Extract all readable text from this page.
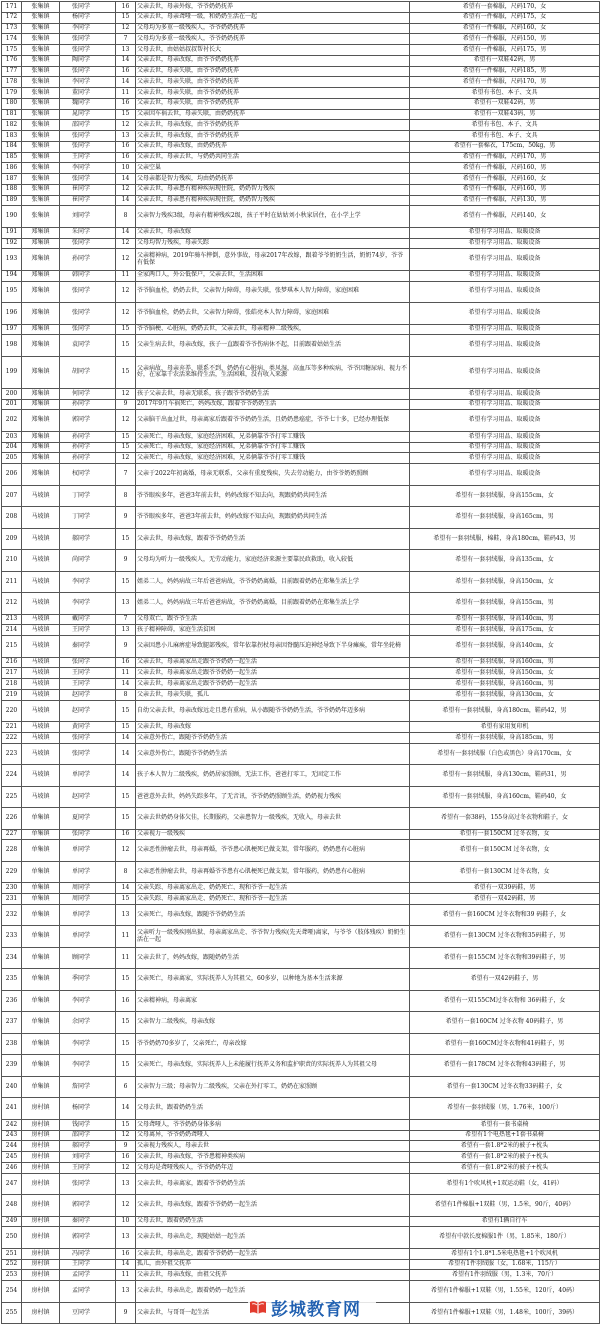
171	张集镇	张同学	16	父亲去世，母亲外嫁，爷爷奶奶抚养	希望有一套棉服，尺码170，女
172	张集镇	杨同学	15	父亲去世，母亲聋哑一级，和奶奶生活在一起	希望有一件棉服，尺码175，女
173	张集镇	李同学	12	父母均为多重一级残疾人，爷爷奶奶抚养	希望有一件棉服，尺码160，女
174	张集镇	张同学	7	父母均为多重一级残疾人，爷爷奶奶抚养	希望有一件棉服，尺码150，男
175	张集镇	张同学	13	父母去世，由姑姑叔叔帮衬长大	希望有一件棉服，尺码175，男
176	张集镇	陶同学	14	父亲去世，母亲改嫁，由爷爷奶奶抚养	希望有一双鞋42码，男
177	张集镇	张同学	16	父亲去世，母亲失联，由爷爷奶奶抚养	希望有一件棉服，尺码185，男
178	张集镇	李同学	14	父亲去世，母亲失联，由爷爷奶奶抚养	希望有一件棉服，尺码170，男
179	张集镇	董同学	11	父亲去世，母亲失联，由爷爷奶奶抚养	希望有书包、本子、文具
180	张集镇	魏同学	16	父亲去世，母亲失联，由爷爷奶奶抚养	希望有一双鞋42码，男
181	张集镇	晁同学	15	父亲因车祸去世，母亲失联，由奶奶抚养	希望有一双鞋43码，男
182	张集镇	邵同学	12	父亲去世，母亲改嫁，由爷爷奶奶抚养	希望有书包、本子、文具
183	张集镇	张同学	13	父亲去世，母亲改嫁，由爷爷奶奶抚养	希望有书包、本子、文具
184	张集镇	张同学	16	父亲去世，母亲改嫁，由奶奶抚养	希望有一套棉衣，175cm，50kg，男
185	张集镇	王同学	16	父亲去世，母亲去世，与奶奶共同生活	希望有一件棉服，尺码170，男
186	张集镇	李同学	10	父亲空巢	希望有一件棉服，尺码160，男
187	张集镇	张同学	14	父母亲都是智力残疾，均由奶奶抚养	希望有一件棉服，尺码160，女
188	张集镇	崔同学	12	父亲去世，母亲患有精神疾病现住院，奶奶智力残疾	希望有一件棉服，尺码160，男
189	张集镇	崔同学	14	父亲去世，母亲患有精神疾病现住院，奶奶智力残疾	希望有一件棉服，尺码130，男
190	张集镇	刘同学	8	父亲智力残疾3级，母亲有精神残疾2级，孩子平时在姑姑刘小秋家居住，在小学上学	希望有一件棉服，尺码140，女
191	郑集镇	朱同学	14	父亲去世，母亲改嫁	希望有学习用品、取暖设备
192	郑集镇	张同学	12	父母均智力残疾，母亲失踪	希望有学习用品、取暖设备
193	郑集镇	孙同学	12	父亲精神病，2019年骑车摔倒，意外事故，母亲2017年改嫁，跟着爷爷奶奶生活，奶奶74岁，爷爷有低保	希望有学习用品、取暖设备
194	郑集镇	韩同学	11	全家两口人，外公低保户，父亲去世，生活困难	希望有学习用品、取暖设备
195	郑集镇	张同学	12	爷爷脑血栓，奶奶去世，父亲智力障碍，母亲失联，张梦琪本人智力障碍，家庭困难	希望有学习用品、取暖设备
196	郑集镇	张同学	12	爷爷脑血栓，奶奶去世，父亲智力障碍，张皓亮本人智力障碍，家庭困难	希望有学习用品、取暖设备
197	郑集镇	张同学	15	爷爷脑梗、心脏病，奶奶去世，父亲去世，母亲精神二级残疾，	希望有学习用品、取暖设备
198	郑集镇	袁同学	15	父亲生病去世，母亲改嫁，孩子一直跟着爷爷伤病休不起，目前跟着姑姑生活	希望有学习用品、取暖设备
199	郑集镇	胡同学	15	父亲病故，母亲弃养，联系不到，奶奶有心脏病，类风湿，高血压等多种疾病，爷爷因糖尿病、视力不好，在家靠干农活来维持生活，生活困难，没有收入来源	希望有学习用品、取暖设备
200	郑集镇	何同学	12	孩子父亲去世，母亲无联系，孩子跟爷爷奶奶生活	希望有学习用品、取暖设备
201	郑集镇	孙同学	9	2017年9月车祸死亡，妈妈改嫁，跟着爷爷奶奶生活	希望有学习用品、取暖设备
202	郑集镇	郭同学	12	父亲脑干出血过世，母亲离家后跟着爷爷奶奶生活，且奶奶患癌症，爷爷七十多，已经办理低保	希望有学习用品、取暖设备
203	郑集镇	孙同学	15	父亲死亡，母亲改嫁，家庭经济困难，兄弟俩靠爷爷打零工赚钱	希望有学习用品、取暖设备
204	郑集镇	孙同学	15	父亲死亡，母亲改嫁，家庭经济困难，兄弟俩靠爷爷打零工赚钱	希望有学习用品、取暖设备
205	郑集镇	孙同学	12	父亲死亡，母亲改嫁，家庭经济困难，兄弟俩靠爷爷打零工赚钱	希望有学习用品、取暖设备
206	郑集镇	权同学	7	父亲于2022年初离婚，母亲无联系，父亲有重度残疾，失去劳动能力，由爷爷奶奶照顾	希望有学习用品、取暖设备
207	马坡镇	丁同学	8	爷爷眼疾多年，爸爸3年前去世，妈妈改嫁不知去向，现跟奶奶共同生活	希望有一套羽绒服，身高155cm，女
208	马坡镇	丁同学	9	爷爷眼疾多年，爸爸3年前去世，妈妈改嫁不知去向，现跟奶奶共同生活	希望有一套羽绒服，身高165cm，男
209	马坡镇	郝同学	15	父亲去世，母亲改嫁，跟着爷爷奶奶生活	希望有一套羽绒服，棉鞋，身高180cm，鞋码43，男
210	马坡镇	尚同学	9	父母均为听力一级残疾人，无劳动能力，家庭经济来源主要靠民政救助，收入较低	希望有一套羽绒服，身高135cm，女
211	马坡镇	李同学	15	姐弟二人，妈妈病故三年后爸爸病故，爷爷奶奶离婚，目前跟着奶奶在郑集生活上学	希望有一套羽绒服，身高150cm，女
212	马坡镇	李同学	13	姐弟二人，妈妈病故三年后爸爸病故，爷爷奶奶离婚，目前跟着奶奶在郑集生活上学	希望有一套羽绒服，身高155cm，男
213	马坡镇	戴同学	7	父母双亡，跟爷爷生活	希望有一套羽绒服，身高140cm，男
214	马坡镇	王同学	13	孩子精神障碍，家庭生活贫困	希望有一套羽绒服，身高175cm，女
215	马坡镇	秦同学	9	父亲因患小儿麻痹症导致腿部残疾，常年依靠拐杖母亲因脊髓压迫神经导致下半身瘫痪，常年坐轮椅	希望有一套羽绒服，身高140cm，女
216	马坡镇	张同学	16	父亲去世，母亲离家出走跟爷爷奶奶一起生活	希望有一套羽绒服，身高160cm，男
217	马坡镇	王同学	11	父亲去世，母亲离家出走跟爷爷奶奶一起生活	希望有一套羽绒服，身高150cm，女
218	马坡镇	王同学	14	父亲去世，母亲离家出走跟爷爷奶奶一起生活	希望有一套羽绒服，身高160cm，男
219	马坡镇	赵同学	8	父亲去世，母亲失联，孤儿	希望有一套羽绒服，身高130cm，女
220	马坡镇	赵同学	15	自幼父亲去世，母亲改嫁远走且患有重病，从小跟随爷爷奶奶生活，爷爷奶奶年迈多病	希望有一套羽绒服，身高180cm，鞋码42，男
221	马坡镇	黄同学	15	父亲去世，母亲改嫁	希望有家用复印机
222	马坡镇	张同学	14	父亲意外伤亡，跟随爷爷奶奶生活	希望有一套羽绒服，身高185cm，男
223	马坡镇	张同学	14	父亲意外伤亡，跟随爷爷奶奶生活	希望有一套羽绒服（白色或黑色）身高170cm，女
224	马坡镇	单同学	14	孩子本人智力二级残疾，奶奶居家照顾，无法工作，爸爸打零工，无固定工作	希望有一套羽绒服，身高130cm，鞋码31，男
225	马坡镇	赵同学	15	爸爸意外去世，妈妈失踪多年，了无音讯，爷爷奶奶照顾生活，奶奶视力残疾	希望有一套羽绒服，身高160cm，鞋码40，女
226	单集镇	夏同学	15	父亲去世奶奶身体欠佳，长期服药，父亲患智力一级残疾，无收入，母亲去世	希望有一套38码，155身高过冬衣物和鞋子，女
227	单集镇	张同学	16	父亲视力一级残疾	希望有一套150CM 过冬衣物，女
228	单集镇	单同学	12	父亲恶性肿瘤去世，母亲再婚，爷爷患心肌梗死已做支架，常年服药，奶奶患有心脏病	希望有一套150CM 过冬衣物，女
229	单集镇	单同学	8	父亲恶性肿瘤去世，母亲再婚爷爷患有心肌梗死已做支架，常年服药，奶奶患有心脏病	希望有一套130CM 过冬衣物，女
230	单集镇	周同学	14	父亲失踪、母亲离家出走、奶奶死亡、现和爷爷一起生活	希望有一双39码鞋，男
231	单集镇	周同学	15	父亲失踪、母亲离家出走、奶奶死亡、现和爷爷一起生活	希望有一双42码鞋，男
232	单集镇	单同学	13	父亲死亡，母亲改嫁，跟随爷爷奶奶生活	希望有一套160CM 过冬衣物和39 码鞋子，女
233	单集镇	单同学	11	父亲听力一级残疾刚出狱、母亲离家出走、爷爷智力残疾(先天聋哑)离家，与爷爷（肢体残疾）奶奶生活在一起	希望有一套130CM 过冬衣物和35码鞋子，男
234	单集镇	顾同学	11	父亲去世了，妈妈改嫁，跟随奶奶生活	希望有一套155CM 过冬衣物和39码鞋子，男
235	单集镇	季同学	15	父亲死亡，母亲离家，实际抚养人为其祖父，60多岁，以种地为基本生活来源	希望有一双42码鞋子，男
236	单集镇	李同学	16	父亲精神病，母亲离家	希望有一双155CM过冬衣物和 36码鞋子，女
237	单集镇	余同学	15	父亲智力二级残疾，母亲改嫁	希望有一套160CM 过冬衣物 40码鞋子，男
238	单集镇	李同学	15	爷爷奶奶70多岁了，父亲死亡，母亲改嫁	希望有一套160CM过冬衣物和41码鞋子，男
239	单集镇	李同学	15	父亲死亡，母亲改嫁，实际抚养人上未能履行抚养义务和监护职责的实际抚养人为其祖父母	希望有一套178CM 过冬衣物和43码鞋子，男
240	单集镇	詹同学	6	父亲智力三级；母亲智力二级残疾，父亲在外打零工，奶奶在家照顾	希望有一套130CM 过冬衣物33码鞋子，女
241	房村镇	杨同学	14	父母去世，跟着奶奶生活	希望有一套羽绒服（男，1.76米，100斤）
242	房村镇	钱同学	15	父母聋哑人，爷爷奶奶身体多病	希望有一套书桌椅
243	房村镇	邵同学	12	父母离异，爷爷奶奶聋哑人	希望有1个电热毯+1套书桌椅
244	房村镇	郝同学	9	父亲视力残疾人，母亲去世	希望有一套1.8*2米的被子+枕头
245	房村镇	刘同学	16	父亲去世，母亲改嫁，爷爷患精神类疾病	希望有一套1.8*2米的被子+枕头
246	房村镇	王同学	12	父母均是聋哑残疾人，爷爷奶奶年迈	希望有一套1.8*2米的被子+枕头
247	房村镇	张同学	13	父亲去世，母亲离家，跟着爷爷奶奶生活	希望有1个吹风机+1双运动鞋（女，41码）
248	房村镇	郭同学	12	父亲去世，母亲改嫁，跟着爷爷奶奶一起生活	希望有1件棉服+1双鞋（男，1.5米，90斤，40码）
249	房村镇	秦同学	10	父母去世，跟着奶奶生活	希望有1辆自行车
250	房村镇	郭同学	13	父亲去世，母亲出走，现随姑姑一起生活	希望有中款长度棉服1件（男，1.85米，180斤）
251	房村镇	冯同学	16	父亲去世，母亲出走，跟着爷爷奶奶一起生活	希望有1个1.8*1.5米电热毯+1个吹风机
252	房村镇	王同学	14	孤儿，由外祖父抚养	希望有1件羽绒服（女，1.68米，115斤）
253	房村镇	孟同学	11	父亲去世，母亲改嫁，由祖父抚养	希望有1件羽绒服（男，1.3米，70斤）
254	房村镇	孟同学	13	父亲去世，母亲出走，跟着奶奶一起生活	希望有1件棉服+1双鞋（男，1.55米，120斤，40码）
255	房村镇	豆同学	9	父亲去世，与哥哥一起生活	希望有1件棉服+1双鞋（男，1.48米，100斤，39码）
彭城教育网
